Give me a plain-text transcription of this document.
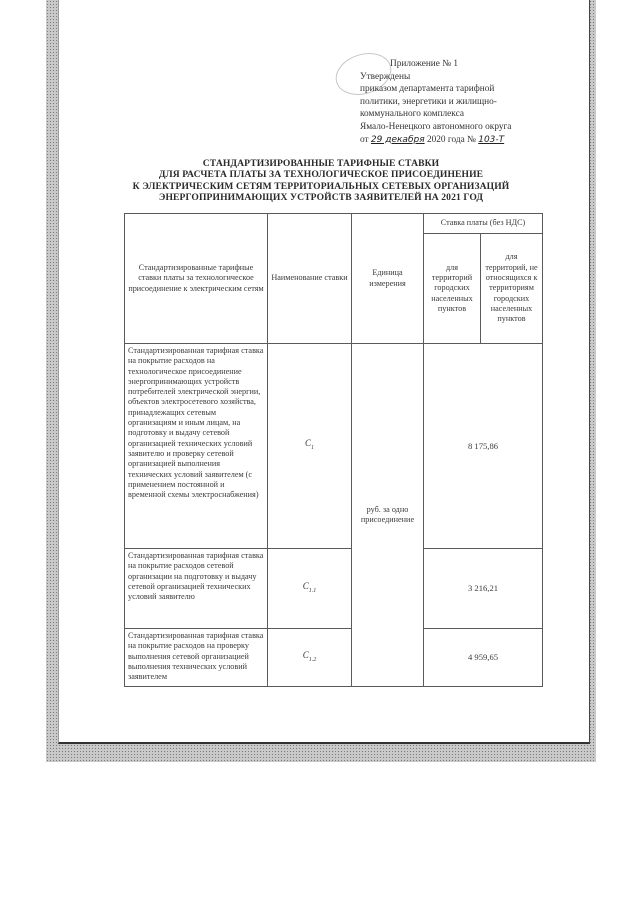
Приложение № 1
Утверждены
приказом департамента тарифной
политики, энергетики и жилищно-
коммунального комплекса
Ямало-Ненецкого автономного округа
от 29 декабря 2020 года № 103-Т
СТАНДАРТИЗИРОВАННЫЕ ТАРИФНЫЕ СТАВКИ
ДЛЯ РАСЧЕТА ПЛАТЫ ЗА ТЕХНОЛОГИЧЕСКОЕ ПРИСОЕДИНЕНИЕ
К ЭЛЕКТРИЧЕСКИМ СЕТЯМ ТЕРРИТОРИАЛЬНЫХ СЕТЕВЫХ ОРГАНИЗАЦИЙ
ЭНЕРГОПРИНИМАЮЩИХ УСТРОЙСТВ ЗАЯВИТЕЛЕЙ НА 2021 ГОД
Стандартизированные тарифные ставки платы за технологическое присоединение к электрическим сетям	Наименование ставки	Единица измерения	Ставка платы (без НДС)	
			для территорий городских населенных пунктов	для территорий, не относящихся к территориям городских населенных пунктов
Стандартизированная тарифная ставка на покрытие расходов на технологическое присоединение энергопринимающих устройств потребителей электрической энергии, объектов электросетевого хозяйства, принадлежащих сетевым организациям и иным лицам, на подготовку и выдачу сетевой организацией технических условий заявителю и проверку сетевой организацией выполнения технических условий заявителем (с применением постоянной и временной схемы электроснабжения)	$C_1$	руб. за одно присоединение	8 175,86	
Стандартизированная тарифная ставка на покрытие расходов сетевой организации на подготовку и выдачу сетевой организацией технических условий заявителю	$C_{1.1}$		3 216,21	
Стандартизированная тарифная ставка на покрытие расходов на проверку выполнения сетевой организацией выполнения технических условий заявителем	$C_{1.2}$		4 959,65	
